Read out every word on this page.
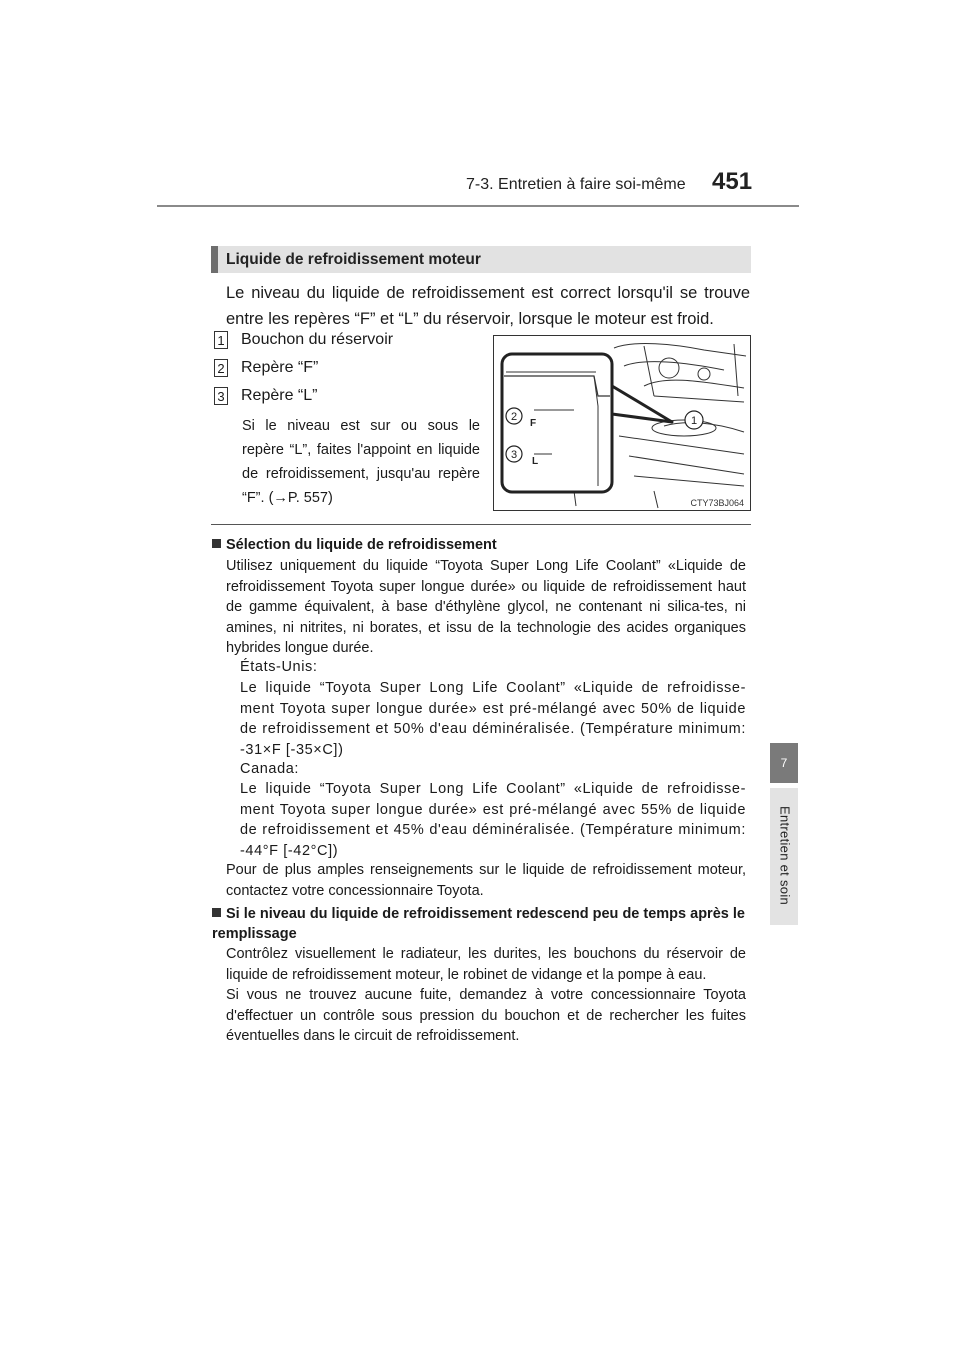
7-3. Entretien à faire soi-même 451
7
Entretien et soin
Liquide de refroidissement moteur
Le niveau du liquide de refroidissement est correct lorsqu'il se trouve entre les repères “F” et “L” du réservoir, lorsque le moteur est froid.
1 Bouchon du réservoir
2 Repère “F”
3 Repère “L”
Si le niveau est sur ou sous le repère “L”, faites l'appoint en liquide de refroidissement, jusqu'au repère “F”. (→P. 557)
F
L
2
3
1
CTY73BJ064
Sélection du liquide de refroidissement
Utilisez uniquement du liquide “Toyota Super Long Life Coolant” «Liquide de refroidissement Toyota super longue durée» ou liquide de refroidissement haut de gamme équivalent, à base d'éthylène glycol, ne contenant ni silica-tes, ni amines, ni nitrites, ni borates, et issu de la technologie des acides organiques hybrides longue durée.
États-Unis:
Le liquide “Toyota Super Long Life Coolant” «Liquide de refroidisse-ment Toyota super longue durée» est pré-mélangé avec 50% de liquide de refroidissement et 50% d'eau déminéralisée. (Température minimum: -31×F [-35×C])
Canada:
Le liquide “Toyota Super Long Life Coolant” «Liquide de refroidisse-ment Toyota super longue durée» est pré-mélangé avec 55% de liquide de refroidissement et 45% d'eau déminéralisée. (Température minimum: -44°F [-42°C])
Pour de plus amples renseignements sur le liquide de refroidissement moteur, contactez votre concessionnaire Toyota.
Si le niveau du liquide de refroidissement redescend peu de temps après le remplissage
Contrôlez visuellement le radiateur, les durites, les bouchons du réservoir de liquide de refroidissement moteur, le robinet de vidange et la pompe à eau.
Si vous ne trouvez aucune fuite, demandez à votre concessionnaire Toyota d'effectuer un contrôle sous pression du bouchon et de rechercher les fuites éventuelles dans le circuit de refroidissement.
